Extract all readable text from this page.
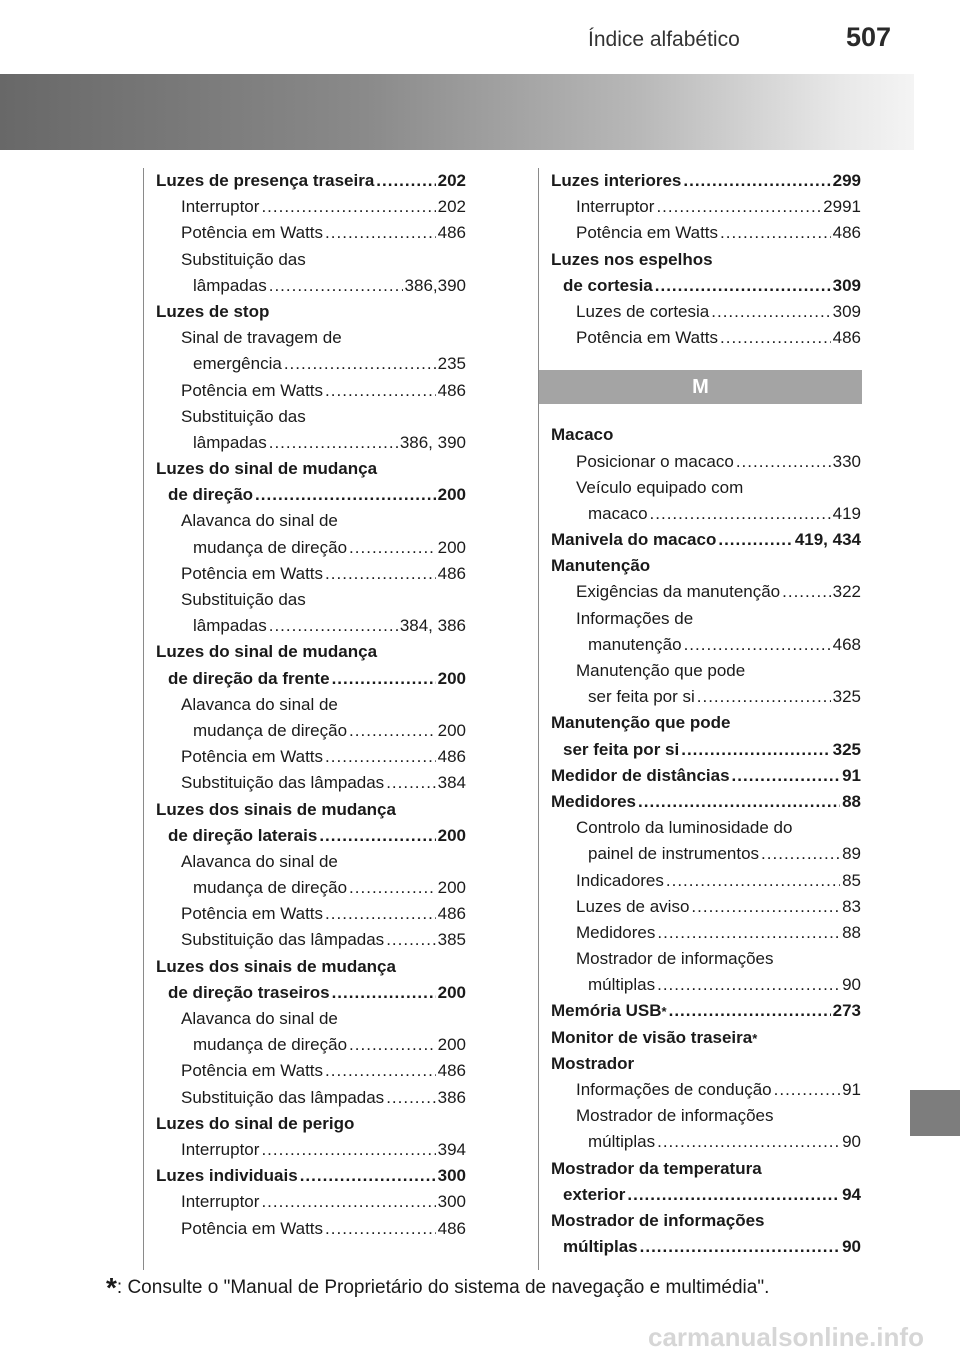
Índice alfabético	507
Luzes de presença traseira .....	202
Interruptor .....	202
Potência em Watts .....	486
Substituição das
lâmpadas .....	386,390
Luzes de stop
Sinal de travagem de
emergência .....	235
Potência em Watts .....	486
Substituição das
lâmpadas .....	386, 390
Luzes do sinal de mudança
de direção .....	200
Alavanca do sinal de
mudança de direção .....	200
Potência em Watts .....	486
Substituição das
lâmpadas .....	384, 386
Luzes do sinal de mudança
de direção da frente .....	200
Alavanca do sinal de
mudança de direção .....	200
Potência em Watts .....	486
Substituição das lâmpadas .....	384
Luzes dos sinais de mudança
de direção laterais .....	200
Alavanca do sinal de
mudança de direção .....	200
Potência em Watts .....	486
Substituição das lâmpadas .....	385
Luzes dos sinais de mudança
de direção traseiros .....	200
Alavanca do sinal de
mudança de direção .....	200
Potência em Watts .....	486
Substituição das lâmpadas .....	386
Luzes do sinal de perigo
Interruptor .....	394
Luzes individuais .....	300
Interruptor .....	300
Potência em Watts .....	486
Luzes interiores .....	299
Interruptor .....	2991
Potência em Watts .....	486
Luzes nos espelhos
de cortesia .....	309
Luzes de cortesia .....	309
Potência em Watts .....	486
M
Macaco
Posicionar o macaco .....	330
Veículo equipado com
macaco .....	419
Manivela do macaco .....	419, 434
Manutenção
Exigências da manutenção .....	322
Informações de
manutenção .....	468
Manutenção que pode
ser feita por si .....	325
Manutenção que pode
ser feita por si .....	325
Medidor de distâncias .....	91
Medidores .....	88
Controlo da luminosidade do
painel de instrumentos .....	89
Indicadores .....	85
Luzes de aviso .....	83
Medidores .....	88
Mostrador de informações
múltiplas .....	90
Memória USB * .....	273
Monitor de visão traseira *
Mostrador
Informações de condução .....	91
Mostrador de informações
múltiplas .....	90
Mostrador da temperatura
exterior .....	94
Mostrador de informações
múltiplas .....	90
*: Consulte o "Manual de Proprietário do sistema de navegação e multimédia".
carmanualsonline.info
